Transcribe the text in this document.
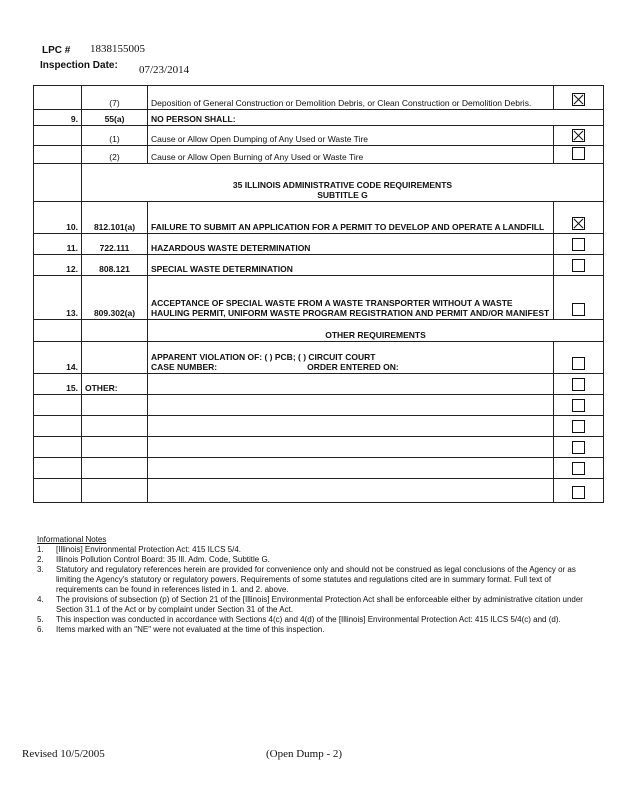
LPC # 1838155005
Inspection Date: 07/23/2014
	(7)	Deposition of General Construction or Demolition Debris, or Clean Construction or Demolition Debris.	
9.	55(a)	NO PERSON SHALL:	
	(1)	Cause or Allow Open Dumping of Any Used or Waste Tire	
	(2)	Cause or Allow Open Burning of Any Used or Waste Tire	

	35 ILLINOIS ADMINISTRATIVE CODE REQUIREMENTS
SUBTITLE G		

10.	812.101(a)	FAILURE TO SUBMIT AN APPLICATION FOR A PERMIT TO DEVELOP AND OPERATE A LANDFILL	
11.	722.111	HAZARDOUS WASTE DETERMINATION	
12.	808.121	SPECIAL WASTE DETERMINATION	
13.	809.302(a)	ACCEPTANCE OF SPECIAL WASTE FROM A WASTE TRANSPORTER WITHOUT A WASTE HAULING PERMIT, UNIFORM WASTE PROGRAM REGISTRATION AND PERMIT AND/OR MANIFEST	
		OTHER REQUIREMENTS	
14.		APPARENT VIOLATION OF: ( ) PCB; ( ) CIRCUIT COURT
CASE NUMBER: ORDER ENTERED ON:	

15.	OTHER:		

Informational Notes
1. [Illinois] Environmental Protection Act: 415 ILCS 5/4.
2. Illinois Pollution Control Board: 35 Ill. Adm. Code, Subtitle G.
3. Statutory and regulatory references herein are provided for convenience only and should not be construed as legal conclusions of the Agency or as limiting the Agency's statutory or regulatory powers. Requirements of some statutes and regulations cited are in summary format. Full text of requirements can be found in references listed in 1. and 2. above.
4. The provisions of subsection (p) of Section 21 of the [Illinois] Environmental Protection Act shall be enforceable either by administrative citation under Section 31.1 of the Act or by complaint under Section 31 of the Act.
5. This inspection was conducted in accordance with Sections 4(c) and 4(d) of the [Illinois] Environmental Protection Act: 415 ILCS 5/4(c) and (d).
6. Items marked with an "NE" were not evaluated at the time of this inspection.
Revised 10/5/2005	(Open Dump - 2)
